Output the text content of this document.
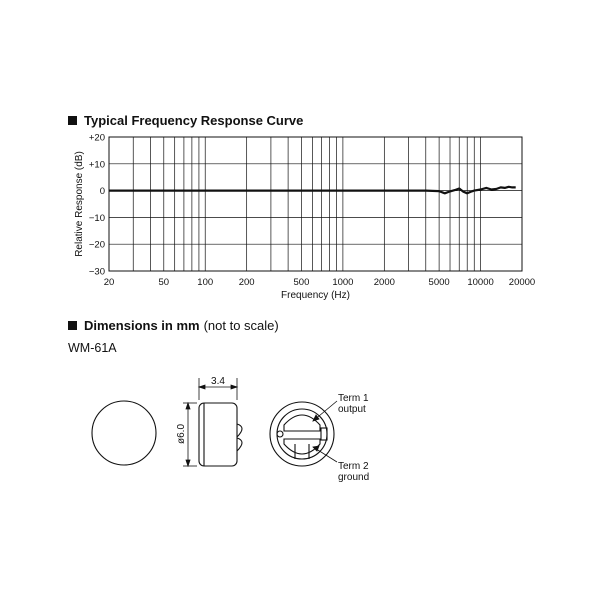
Typical Frequency Response Curve
+20
+10
0
−10
−20
−30
20	50	100	200	500 1000 2000	5000 10000 20000
Frequency (Hz)
Relative Response (dB)
Dimensions in mm (not to scale)
WM-61A
3.4
ø6.0
Term 1
output
Term 2
ground
